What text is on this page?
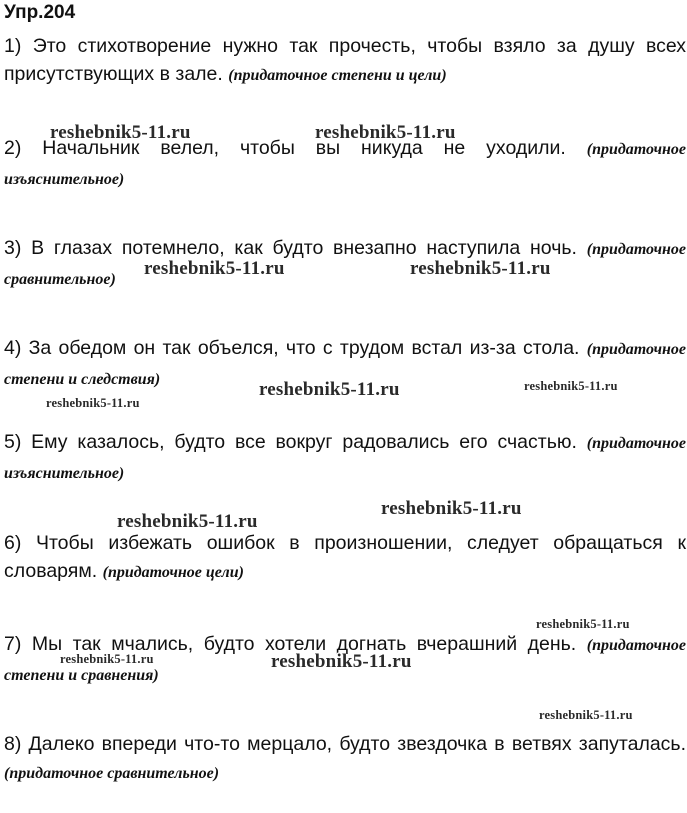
Упр.204

1) Это стихотворение нужно так прочесть, чтобы взяло за душу всех присутствующих в зале. (придаточное степени и цели)

2) Начальник велел, чтобы вы никуда не уходили. (придаточное изъяснительное)

3) В глазах потемнело, как будто внезапно наступила ночь. (придаточное сравнительное)

4) За обедом он так объелся, что с трудом встал из-за стола. (придаточное степени и следствия)

5) Ему казалось, будто все вокруг радовались его счастью. (придаточное изъяснительное)

6) Чтобы избежать ошибок в произношении, следует обращаться к словарям. (придаточное цели)

7) Мы так мчались, будто хотели догнать вчерашний день. (придаточное степени и сравнения)

8) Далеко впереди что-то мерцало, будто звездочка в ветвях запуталась. (придаточное сравнительное)

reshebnik5-11.ru	reshebnik5-11.ru
reshebnik5-11.ru	reshebnik5-11.ru
reshebnik5-11.ru	reshebnik5-11.ru
reshebnik5-11.ru
reshebnik5-11.ru
reshebnik5-11.ru
reshebnik5-11.ru
reshebnik5-11.ru	reshebnik5-11.ru
reshebnik5-11.ru
